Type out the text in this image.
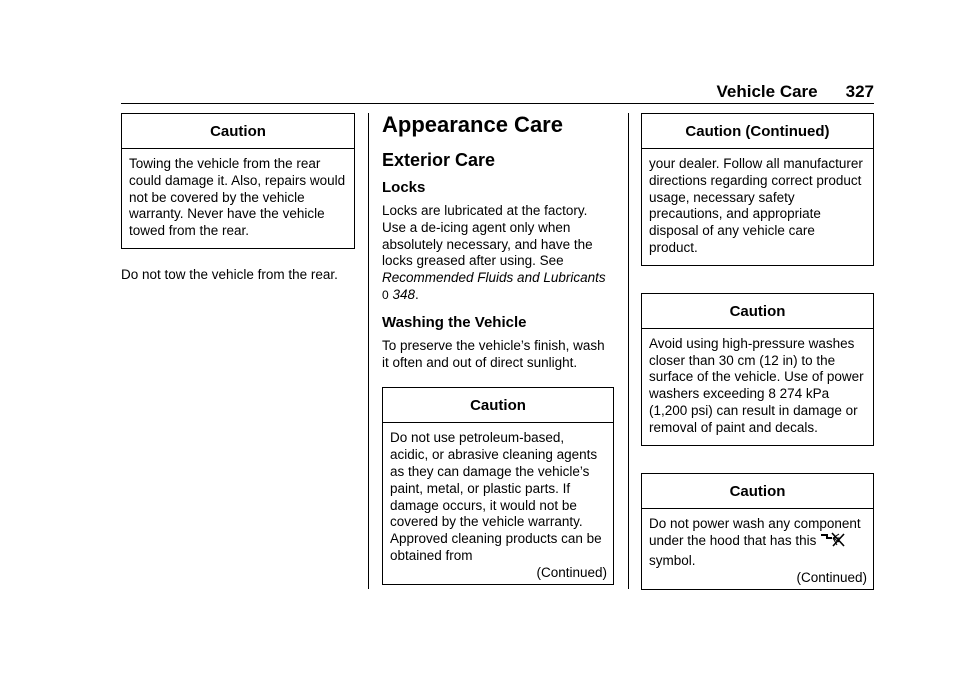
Vehicle Care 327
Caution
Towing the vehicle from the rear could damage it. Also, repairs would not be covered by the vehicle warranty. Never have the vehicle towed from the rear.

Do not tow the vehicle from the rear.

Appearance Care
Exterior Care
Locks

Locks are lubricated at the factory. Use a de-icing agent only when absolutely necessary, and have the locks greased after using. See Recommended Fluids and Lubricants 0 348.

Washing the Vehicle

To preserve the vehicle’s finish, wash it often and out of direct sunlight.

Caution
Do not use petroleum-based, acidic, or abrasive cleaning agents as they can damage the vehicle’s paint, metal, or plastic parts. If damage occurs, it would not be covered by the vehicle warranty. Approved cleaning products can be obtained from
(Continued)
Caution (Continued)
your dealer. Follow all manufacturer directions regarding correct product usage, necessary safety precautions, and appropriate disposal of any vehicle care product.
Caution
Avoid using high-pressure washes closer than 30 cm (12 in) to the surface of the vehicle. Use of power washers exceeding 8 274 kPa (1,200 psi) can result in damage or removal of paint and decals.
Caution
Do not power wash any component under the hood that has this  symbol.
(Continued)
